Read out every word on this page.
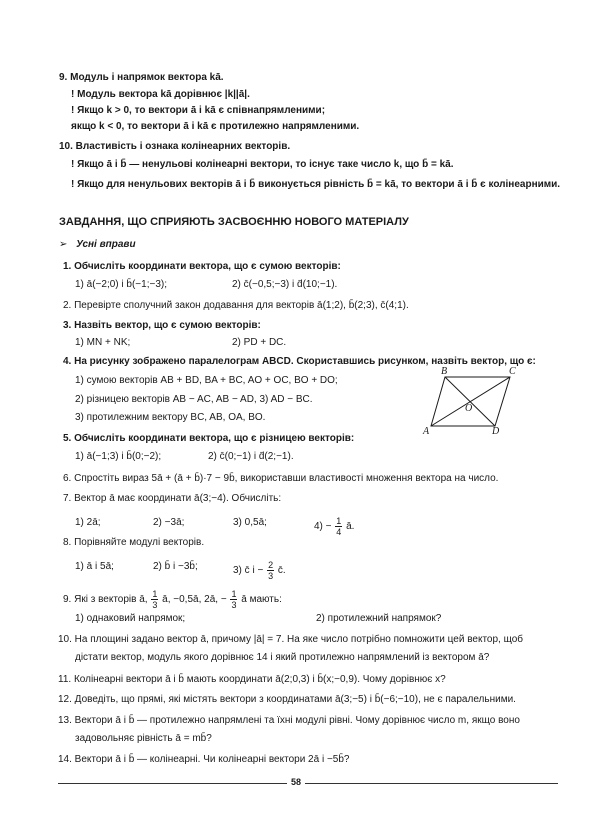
9. Модуль і напрямок вектора kā.
! Модуль вектора kā дорівнює |k||ā|.
! Якщо k > 0, то вектори ā і kā є співнапрямленими;
якщо k < 0, то вектори ā і kā є протилежно напрямленими.
10. Властивість і ознака колінеарних векторів.
! Якщо ā і b̄ — ненульові колінеарні вектори, то існує таке число k, що b̄ = kā.
! Якщо для ненульових векторів ā і b̄ виконується рівність b̄ = kā, то вектори ā і b̄ є колінеарними.
ЗАВДАННЯ, ЩО СПРИЯЮТЬ ЗАСВОЄННЮ НОВОГО МАТЕРІАЛУ
➢ Усні вправи
1. Обчисліть координати вектора, що є сумою векторів:
1) ā(−2;0) і b̄(−1;−3);	2) c̄(−0,5;−3) і d̄(10;−1).
2. Перевірте сполучний закон додавання для векторів ā(1;2), b̄(2;3), c̄(4;1).
3. Назвіть вектор, що є сумою векторів:
1) MN + NK;	2) PD + DC.
4. На рисунку зображено паралелограм ABCD. Скориставшись рисунком, назвіть вектор, що є:
1) сумою векторів AB + BD, BA + BC, AO + OC, BO + DO;
2) різницею векторів AB − AC, AB − AD, 3) AD − BC.
3) протилежним вектору BC, AB, OA, BO.
B	C
A	D
O
5. Обчисліть координати вектора, що є різницею векторів:
1) ā(−1;3) і b̄(0;−2);	2) c̄(0;−1) і d̄(2;−1).
6. Спростіть вираз 5ā + (ā + b̄)·7 − 9b̄, використавши властивості множення вектора на число.
7. Вектор ā має координати ā(3;−4). Обчисліть:
1) 2ā;	2) −3ā;	3) 0,5ā;	$4) - \frac{1}{4}$ ā.
8. Порівняйте модулі векторів.
1) ā і 5ā;	2) b̄ і −3b̄;	3) c̄ $і - \frac{2}{3}$ c̄.
9. Які з векторів ā, $\frac{1}{3}$ ā, −0,5ā, 2ā, − $\frac{1}{3}$ ā мають:
1) однаковий напрямок;	2) протилежний напрямок?
10. На площині задано вектор ā, причому |ā| = 7. На яке число потрібно помножити цей вектор, щоб
дістати вектор, модуль якого дорівнює 14 і який протилежно напрямлений із вектором ā?
11. Колінеарні вектори ā і b̄ мають координати ā(2;0,3) і b̄(x;−0,9). Чому дорівнює x?
12. Доведіть, що прямі, які містять вектори з координатами ā(3;−5) і b̄(−6;−10), не є паралельними.
13. Вектори ā і b̄ — протилежно напрямлені та їхні модулі рівні. Чому дорівнює число m, якщо воно
задовольняє рівність ā = mb̄?
14. Вектори ā і b̄ — колінеарні. Чи колінеарні вектори 2ā і −5b̄?
58
